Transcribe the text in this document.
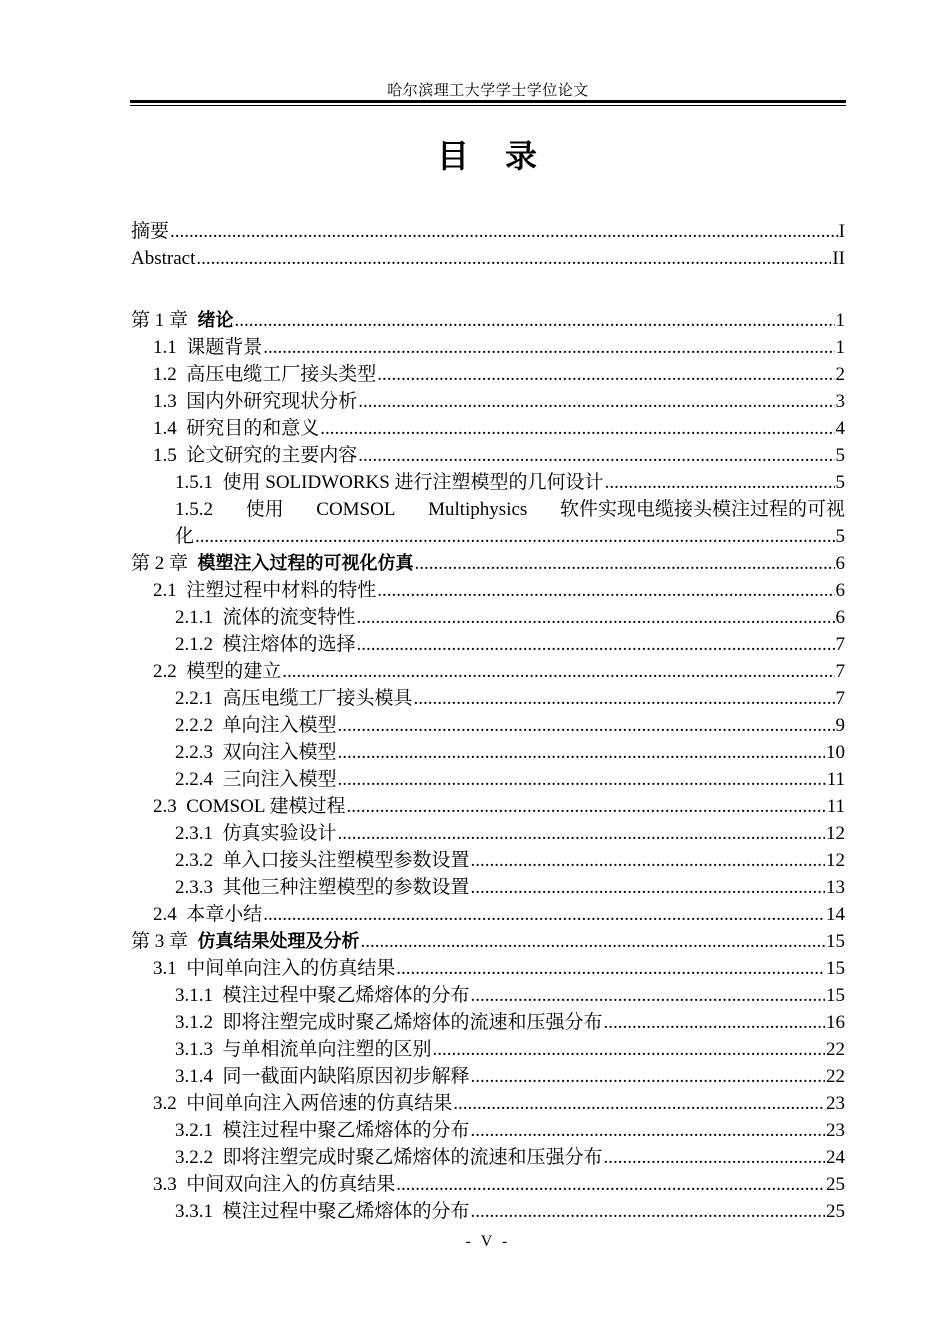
哈尔滨理工大学学士学位论文
目 录
摘要 .....	I
Abstract .....	II
第 1 章 绪论 .....	1
1.1 课题背景 .....	1
1.2 高压电缆工厂接头类型 .....	2
1.3 国内外研究现状分析 .....	3
1.4 研究目的和意义 .....	4
1.5 论文研究的主要内容 .....	5
1.5.1 使用 SOLIDWORKS 进行注塑模型的几何设计 .....	5
1.5.2 使用 COMSOL Multiphysics 软件实现电缆接头模注过程的可视
化 .....	5
第 2 章 模塑注入过程的可视化仿真 .....	6
2.1 注塑过程中材料的特性 .....	6
2.1.1 流体的流变特性 .....	6
2.1.2 模注熔体的选择 .....	7
2.2 模型的建立 .....	7
2.2.1 高压电缆工厂接头模具 .....	7
2.2.2 单向注入模型 .....	9
2.2.3 双向注入模型 .....	10
2.2.4 三向注入模型 .....	11
2.3 COMSOL 建模过程 .....	11
2.3.1 仿真实验设计 .....	12
2.3.2 单入口接头注塑模型参数设置 .....	12
2.3.3 其他三种注塑模型的参数设置 .....	13
2.4 本章小结 .....	14
第 3 章 仿真结果处理及分析 .....	15
3.1 中间单向注入的仿真结果 .....	15
3.1.1 模注过程中聚乙烯熔体的分布 .....	15
3.1.2 即将注塑完成时聚乙烯熔体的流速和压强分布 .....	16
3.1.3 与单相流单向注塑的区别 .....	22
3.1.4 同一截面内缺陷原因初步解释 .....	22
3.2 中间单向注入两倍速的仿真结果 .....	23
3.2.1 模注过程中聚乙烯熔体的分布 .....	23
3.2.2 即将注塑完成时聚乙烯熔体的流速和压强分布 .....	24
3.3 中间双向注入的仿真结果 .....	25
3.3.1 模注过程中聚乙烯熔体的分布 .....	25
- V -
